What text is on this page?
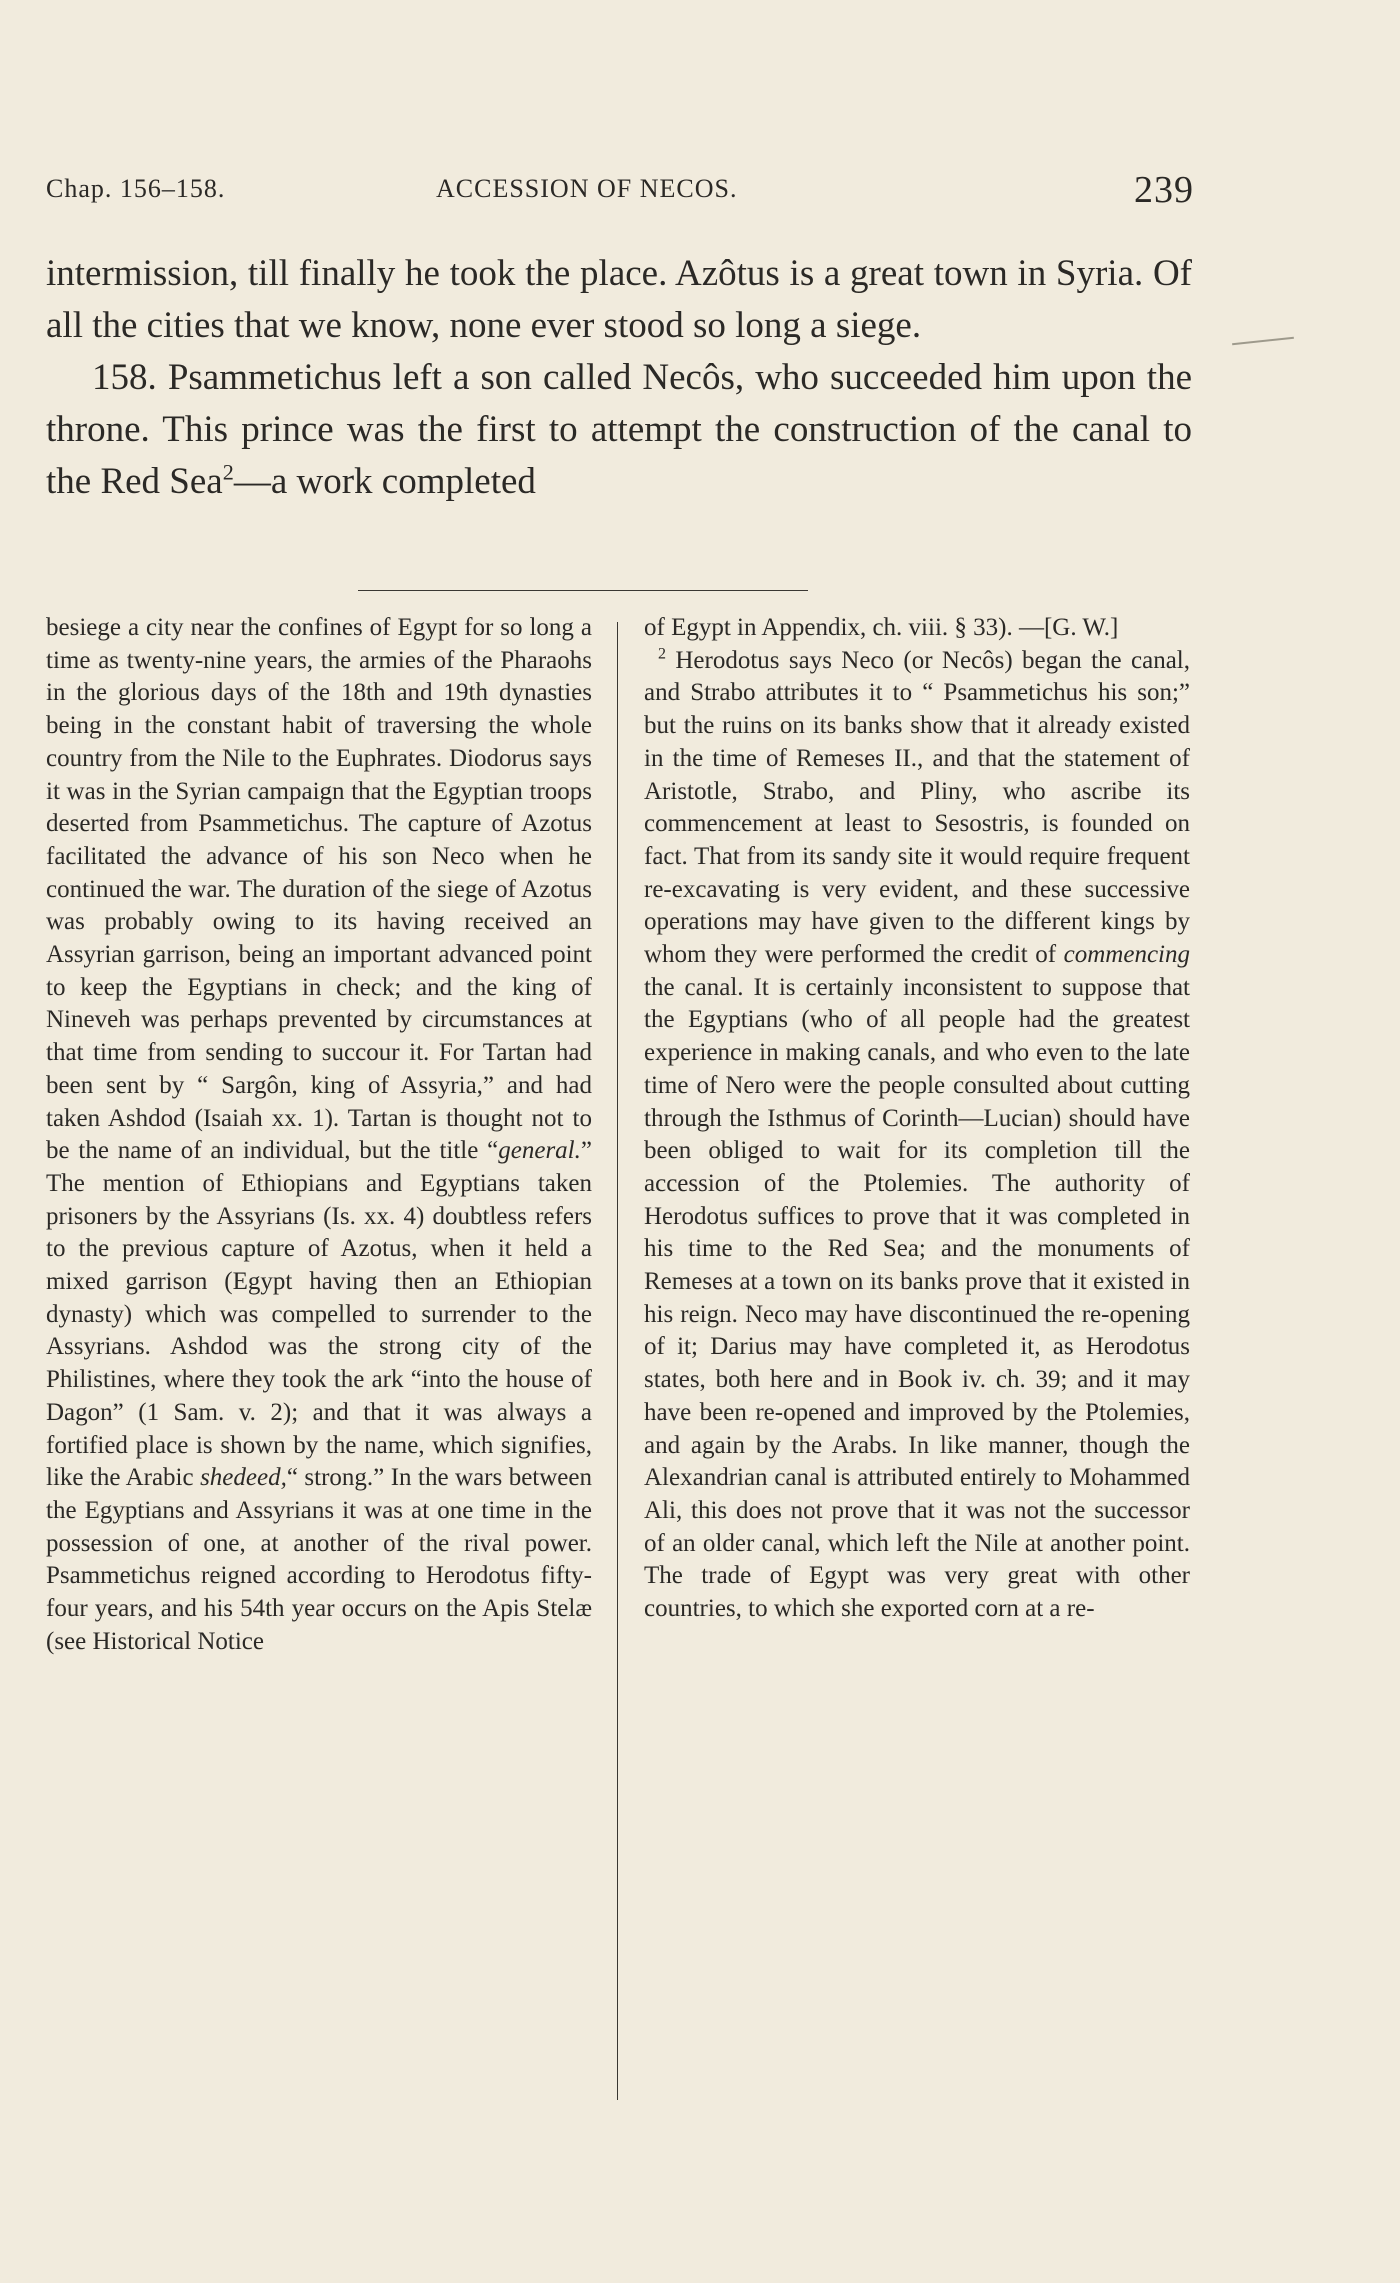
Chap. 156–158.	ACCESSION OF NECOS.	239

intermission, till finally he took the place. Azôtus is a great town in Syria. Of all the cities that we know, none ever stood so long a siege.

158. Psammetichus left a son called Necôs, who succeeded him upon the throne. This prince was the first to attempt the construction of the canal to the Red Sea$^2$—a work completed

besiege a city near the confines of Egypt for so long a time as twenty-nine years, the armies of the Pharaohs in the glorious days of the 18th and 19th dynasties being in the constant habit of traversing the whole country from the Nile to the Euphrates. Diodorus says it was in the Syrian campaign that the Egyptian troops deserted from Psammetichus. The capture of Azotus facilitated the advance of his son Neco when he continued the war. The duration of the siege of Azotus was probably owing to its having received an Assyrian garrison, being an important advanced point to keep the Egyptians in check; and the king of Nineveh was perhaps prevented by circumstances at that time from sending to succour it. For Tartan had been sent by “ Sargôn, king of Assyria,” and had taken Ashdod (Isaiah xx. 1). Tartan is thought not to be the name of an individual, but the title “general.” The mention of Ethiopians and Egyptians taken prisoners by the Assyrians (Is. xx. 4) doubtless refers to the previous capture of Azotus, when it held a mixed garrison (Egypt having then an Ethiopian dynasty) which was compelled to surrender to the Assyrians. Ashdod was the strong city of the Philistines, where they took the ark “into the house of Dagon” (1 Sam. v. 2); and that it was always a fortified place is shown by the name, which signifies, like the Arabic shedeed,“ strong.” In the wars between the Egyptians and Assyrians it was at one time in the possession of one, at another of the rival power. Psammetichus reigned according to Herodotus fifty-four years, and his 54th year occurs on the Apis Stelæ (see Historical Notice

of Egypt in Appendix, ch. viii. § 33). —[G. W.]

$^2$ Herodotus says Neco (or Necôs) began the canal, and Strabo attributes it to “ Psammetichus his son;” but the ruins on its banks show that it already existed in the time of Remeses II., and that the statement of Aristotle, Strabo, and Pliny, who ascribe its commencement at least to Sesostris, is founded on fact. That from its sandy site it would require frequent re-excavating is very evident, and these successive operations may have given to the different kings by whom they were performed the credit of commencing the canal. It is certainly inconsistent to suppose that the Egyptians (who of all people had the greatest experience in making canals, and who even to the late time of Nero were the people consulted about cutting through the Isthmus of Corinth—Lucian) should have been obliged to wait for its completion till the accession of the Ptolemies. The authority of Herodotus suffices to prove that it was completed in his time to the Red Sea; and the monuments of Remeses at a town on its banks prove that it existed in his reign. Neco may have discontinued the re-opening of it; Darius may have completed it, as Herodotus states, both here and in Book iv. ch. 39; and it may have been re-opened and improved by the Ptolemies, and again by the Arabs. In like manner, though the Alexandrian canal is attributed entirely to Mohammed Ali, this does not prove that it was not the successor of an older canal, which left the Nile at another point. The trade of Egypt was very great with other countries, to which she exported corn at a re-
